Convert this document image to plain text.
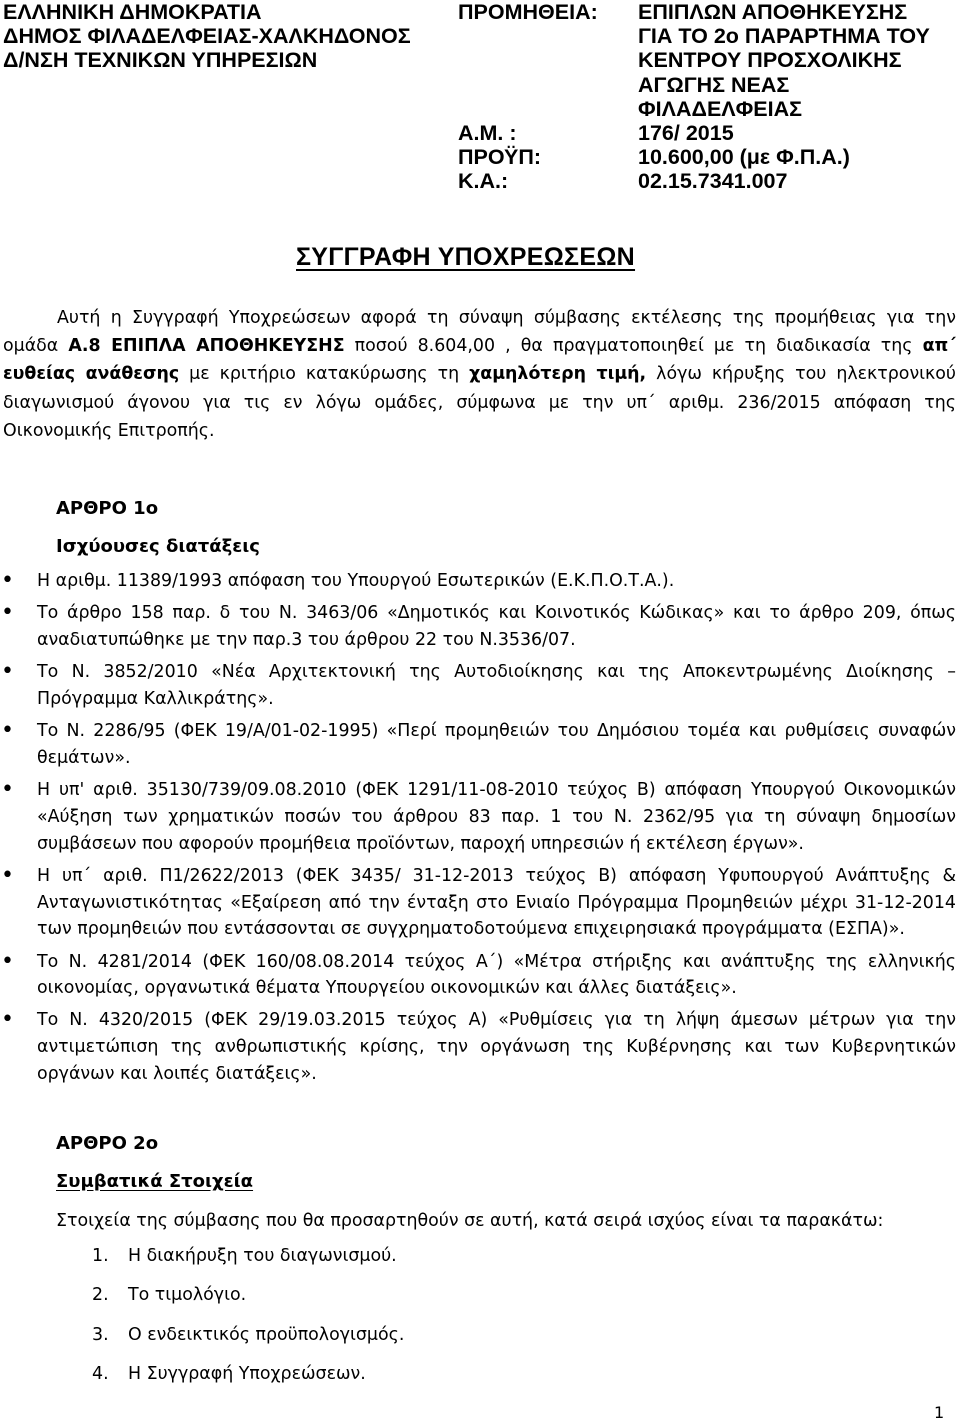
ΕΛΛΗΝΙΚΗ ΔΗΜΟΚΡΑΤΙΑ
ΔΗΜΟΣ ΦΙΛΑΔΕΛΦΕΙΑΣ-ΧΑΛΚΗΔΟΝΟΣ
Δ/ΝΣΗ ΤΕΧΝΙΚΩΝ ΥΠΗΡΕΣΙΩΝ
ΠΡΟΜΗΘΕΙΑ:
Α.Μ. :
ΠΡΟΫΠ:
Κ.Α.:
ΕΠΙΠΛΩΝ ΑΠΟΘΗΚΕΥΣΗΣ
ΓΙΑ ΤΟ 2ο ΠΑΡΑΡΤΗΜΑ ΤΟΥ
ΚΕΝΤΡΟΥ ΠΡΟΣΧΟΛΙΚΗΣ
ΑΓΩΓΗΣ ΝΕΑΣ
ΦΙΛΑΔΕΛΦΕΙΑΣ
176/ 2015
10.600,00 (με Φ.Π.Α.)
02.15.7341.007
ΣΥΓΓΡΑΦΗ ΥΠΟΧΡΕΩΣΕΩΝ

Αυτή η Συγγραφή Υποχρεώσεων αφορά τη σύναψη σύμβασης εκτέλεσης της προμήθειας για την ομάδα Α.8 ΕΠΙΠΛΑ ΑΠΟΘΗΚΕΥΣΗΣ ποσού 8.604,00 , θα πραγματοποιηθεί με τη διαδικασία της απ΄ ευθείας ανάθεσης με κριτήριο κατακύρωσης τη χαμηλότερη τιμή, λόγω κήρυξης του ηλεκτρονικού διαγωνισμού άγονου για τις εν λόγω ομάδες, σύμφωνα με την υπ΄ αριθμ. 236/2015 απόφαση της Οικονομικής Επιτροπής.

ΑΡΘΡΟ 1ο
Ισχύουσες διατάξεις
• Η αριθμ. 11389/1993 απόφαση του Υπουργού Εσωτερικών (Ε.Κ.Π.Ο.Τ.Α.).
• Το άρθρο 158 παρ. δ του Ν. 3463/06 «Δημοτικός και Κοινοτικός Κώδικας» και το άρθρο 209, όπως αναδιατυπώθηκε με την παρ.3 του άρθρου 22 του Ν.3536/07.
• Το Ν. 3852/2010 «Νέα Αρχιτεκτονική της Αυτοδιοίκησης και της Αποκεντρωμένης Διοίκησης – Πρόγραμμα Καλλικράτης».
• Το Ν. 2286/95 (ΦΕΚ 19/Α/01-02-1995) «Περί προμηθειών του Δημόσιου τομέα και ρυθμίσεις συναφών θεμάτων».
• Η υπ' αριθ. 35130/739/09.08.2010 (ΦΕΚ 1291/11-08-2010 τεύχος Β) απόφαση Υπουργού Οικονομικών «Αύξηση των χρηματικών ποσών του άρθρου 83 παρ. 1 του Ν. 2362/95 για τη σύναψη δημοσίων συμβάσεων που αφορούν προμήθεια προϊόντων, παροχή υπηρεσιών ή εκτέλεση έργων».
• Η υπ΄ αριθ. Π1/2622/2013 (ΦΕΚ 3435/ 31-12-2013 τεύχος Β) απόφαση Υφυπουργού Ανάπτυξης & Ανταγωνιστικότητας «Εξαίρεση από την ένταξη στο Ενιαίο Πρόγραμμα Προμηθειών μέχρι 31-12-2014 των προμηθειών που εντάσσονται σε συγχρηματοδοτούμενα επιχειρησιακά προγράμματα (ΕΣΠΑ)».
• Το Ν. 4281/2014 (ΦΕΚ 160/08.08.2014 τεύχος Α΄) «Μέτρα στήριξης και ανάπτυξης της ελληνικής οικονομίας, οργανωτικά θέματα Υπουργείου οικονομικών και άλλες διατάξεις».
• Το Ν. 4320/2015 (ΦΕΚ 29/19.03.2015 τεύχος Α) «Ρυθμίσεις για τη λήψη άμεσων μέτρων για την αντιμετώπιση της ανθρωπιστικής κρίσης, την οργάνωση της Κυβέρνησης και των Κυβερνητικών οργάνων και λοιπές διατάξεις».
ΑΡΘΡΟ 2ο
Συμβατικά Στοιχεία
Στοιχεία της σύμβασης που θα προσαρτηθούν σε αυτή, κατά σειρά ισχύος είναι τα παρακάτω:
1. Η διακήρυξη του διαγωνισμού.
2. Το τιμολόγιο.
3. Ο ενδεικτικός προϋπολογισμός.
4. Η Συγγραφή Υποχρεώσεων.
1
